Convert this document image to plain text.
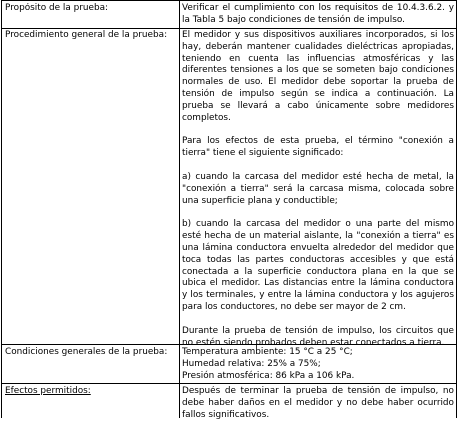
Propósito de la prueba:	Verificar el cumplimiento con los requisitos de 10.4.3.6.2. y la Tabla 5 bajo condiciones de tensión de impulso.

Procedimiento general de la prueba:	El medidor y sus dispositivos auxiliares incorporados, si los hay, deberán mantener cualidades dieléctricas apropiadas, teniendo en cuenta las influencias atmosféricas y las diferentes tensiones a los que se someten bajo condiciones normales de uso. El medidor debe soportar la prueba de tensión de impulso según se indica a continuación. La prueba se llevará a cabo únicamente sobre medidores completos.

Para los efectos de esta prueba, el término "conexión a tierra" tiene el siguiente significado:

a) cuando la carcasa del medidor esté hecha de metal, la "conexión a tierra" será la carcasa misma, colocada sobre una superficie plana y conductible;

b) cuando la carcasa del medidor o una parte del mismo esté hecha de un material aislante, la "conexión a tierra" es una lámina conductora envuelta alrededor del medidor que toca todas las partes conductoras accesibles y que está conectada a la superficie conductora plana en la que se ubica el medidor. Las distancias entre la lámina conductora y los terminales, y entre la lámina conductora y los agujeros para los conductores, no debe ser mayor de 2 cm.

Durante la prueba de tensión de impulso, los circuitos que no estén siendo probados deben estar conectados a tierra.

Condiciones generales de la prueba:	Temperatura ambiente: 15 °C a 25 °C;

Humedad relativa: 25% a 75%;

Presión atmosférica: 86 kPa a 106 kPa.

Efectos permitidos:	Después de terminar la prueba de tensión de impulso, no debe haber daños en el medidor y no debe haber ocurrido fallos significativos.
